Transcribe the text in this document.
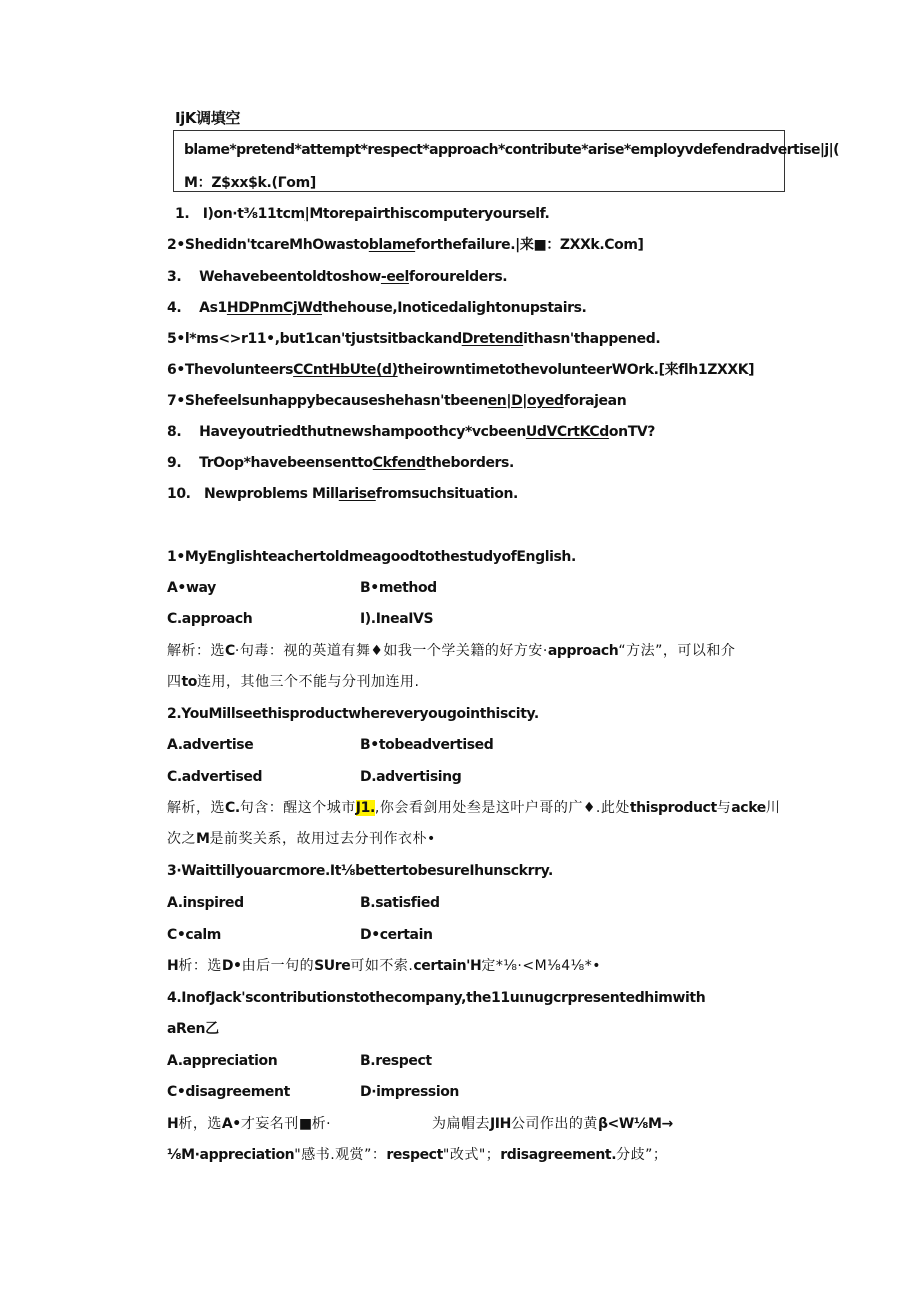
IjK调填空
blame*pretend*attempt*respect*approach*contribute*arise*employvdefendradvertise|j|(
M：Z$xx$k.(Гom]
1. I)on·t⅜11tcm|Mtorepairthiscomputeryourself.
2•Shedidn'tcareMhOwastoblameforthefailure.|来■：ZXXk.Com]
3. Wehavebeentoldtoshow-eelforourelders.
4. As1HDPnmCjWdthehouse,Inoticedalightonupstairs.
5•l*ms<>r11•,but1can'tjustsitbackandDretendithasn'thappened.
6•ThevolunteersCCntHbUte(d)theirowntimetothevolunteerWOrk.[来flh1ZXXK]
7•Shefeelsunhappybecauseshehasn'tbeenen|D|oyedforajean
8. Haveyoutriedthutnewshampoothcy*vcbeenUdVCrtKCdonTV?
9. TrOop*havebeensenttoCkfendtheborders.
10. Newproblems Millarisefromsuchsituation.
1•MyEnglishteachertoldmeagoodtothestudyofEnglish.
A•way	B•method
C.approach	I).IneaIVS
解析：选C·句毒：视的英道有舞♦如我一个学关籍的好方安·approach“方法”，可以和介
四to连用，其他三个不能与分刊加连用.
2.YouMillseethisproductwhereveryougointhiscity.
A.advertise	B•tobeadvertised
C.advertised	D.advertising
解析，选C.句含：醒这个城市J1.,你会看剑用处叁是这叶户哥的广♦.此处thisproduct与acke川
次之M是前奖关系，故用过去分刊作衣朴•
3·Waittillyouarcmore.It⅛bettertobesureIhunsckrry.
A.inspired	B.satisfied
C•calm	D•certain
H析：选D•由后一句的SUre可如不索.certain'H定*⅛·<M⅛4⅛*•
4.InofJack'scontributionstothecompany,the11uιnugcrpresentedhimwith
aRen乙
A.appreciation	B.respect
C•disagreement	D·impression
H析，选A•才妄名刊■析·	为扁帽去JIH公司作出的黄β<W⅛M→
⅛M·appreciation"感书.观赏”：respect"改式"；rdisagreement.分歧”；
